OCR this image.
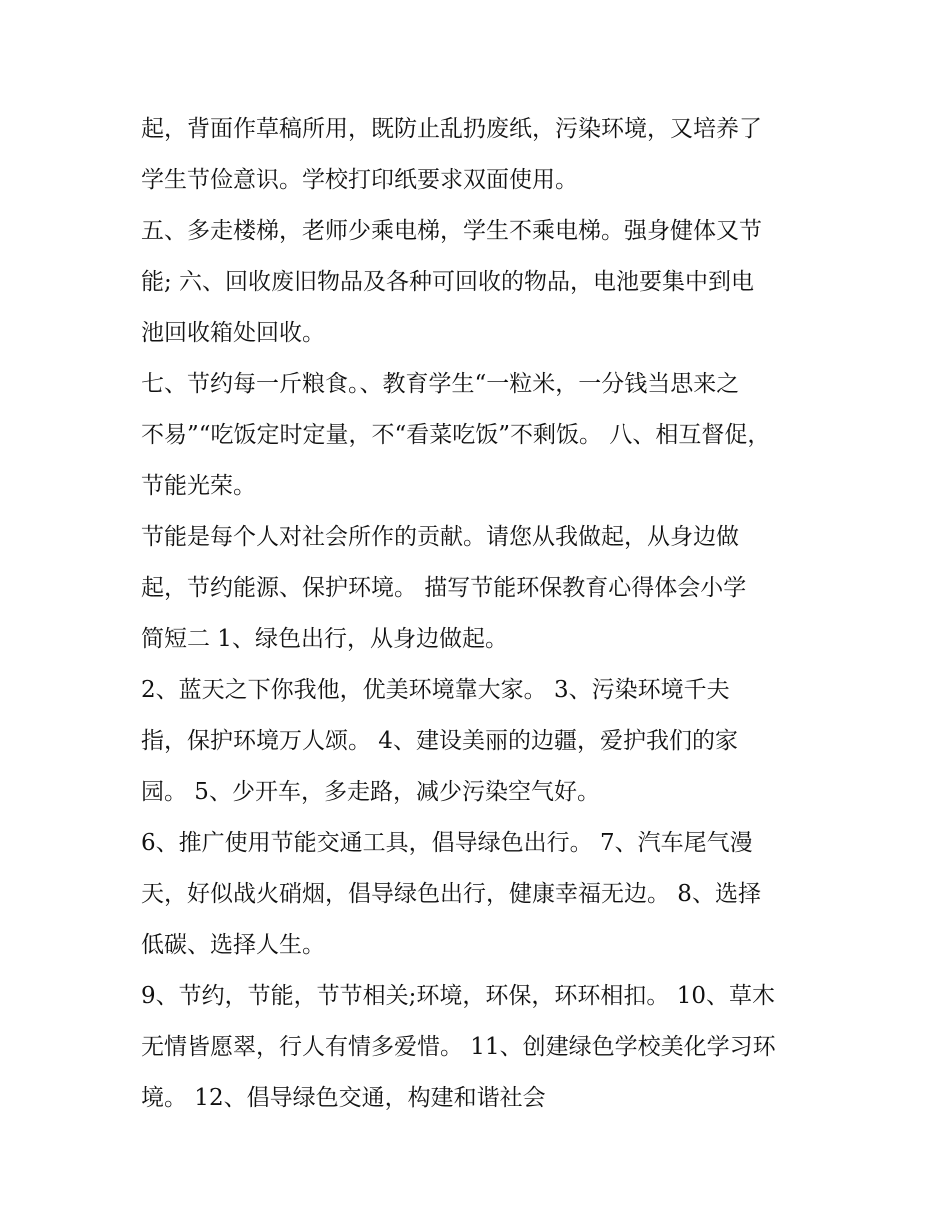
起，背面作草稿所用，既防止乱扔废纸，污染环境，又培养了
学生节俭意识。学校打印纸要求双面使用。
五、多走楼梯，老师少乘电梯，学生不乘电梯。强身健体又节
能; 六、回收废旧物品及各种可回收的物品，电池要集中到电
池回收箱处回收。
七、节约每一斤粮食。、教育学生“一粒米，一分钱当思来之
不易”“吃饭定时定量，不“看菜吃饭”不剩饭。 八、相互督促，
节能光荣。
节能是每个人对社会所作的贡献。请您从我做起，从身边做
起，节约能源、保护环境。 描写节能环保教育心得体会小学
简短二 1、绿色出行，从身边做起。
2、蓝天之下你我他，优美环境靠大家。 3、污染环境千夫
指，保护环境万人颂。 4、建设美丽的边疆，爱护我们的家
园。 5、少开车，多走路，减少污染空气好。
6、推广使用节能交通工具，倡导绿色出行。 7、汽车尾气漫
天，好似战火硝烟，倡导绿色出行，健康幸福无边。 8、选择
低碳、选择人生。
9、节约，节能，节节相关;环境，环保，环环相扣。 10、草木
无情皆愿翠，行人有情多爱惜。 11、创建绿色学校美化学习环
境。 12、倡导绿色交通，构建和谐社会
